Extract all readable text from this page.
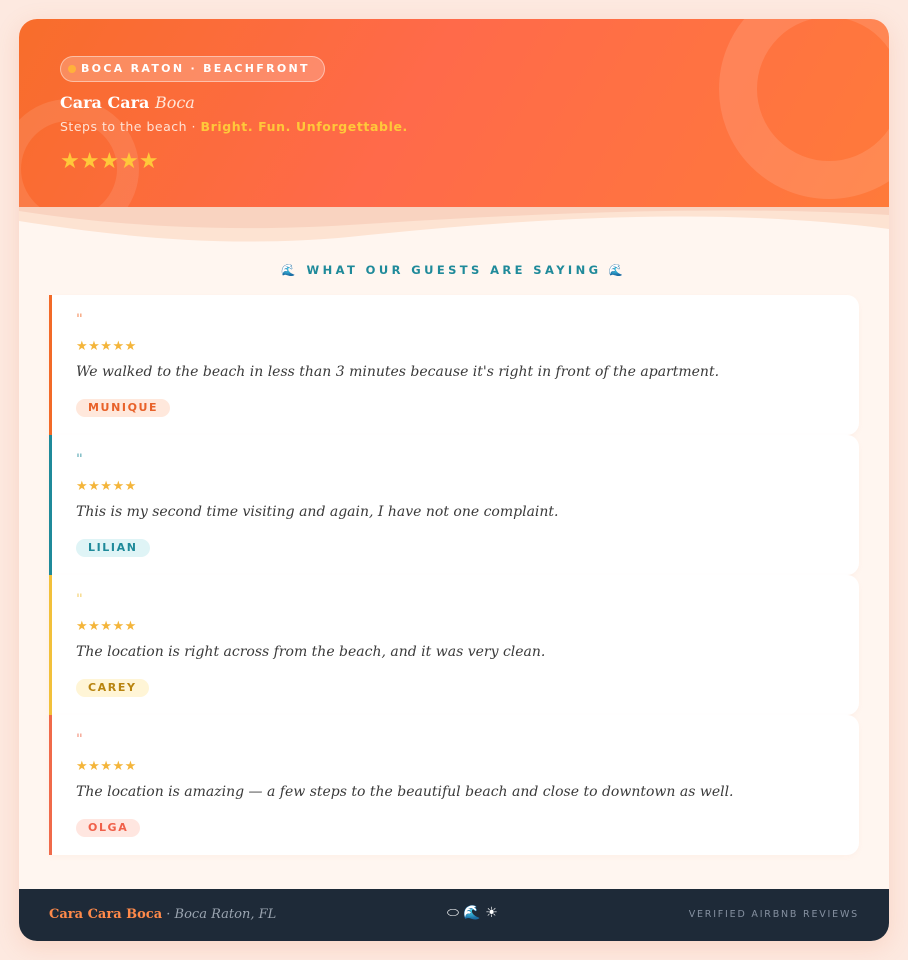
BOCA RATON · BEACHFRONT
Cara Cara Boca
Steps to the beach · Bright. Fun. Unforgettable.
★★★★★
🌊 WHAT OUR GUESTS ARE SAYING 🌊
"
★★★★★
We walked to the beach in less than 3 minutes because it's right in front of the apartment.
MUNIQUE
"
★★★★★
This is my second time visiting and again, I have not one complaint.
LILIAN
"
★★★★★
The location is right across from the beach, and it was very clean.
CAREY
"
★★★★★
The location is amazing — a few steps to the beautiful beach and close to downtown as well.
OLGA
Cara Cara Boca · Boca Raton, FL	⬭ 🌊 ☀	VERIFIED AIRBNB REVIEWS
